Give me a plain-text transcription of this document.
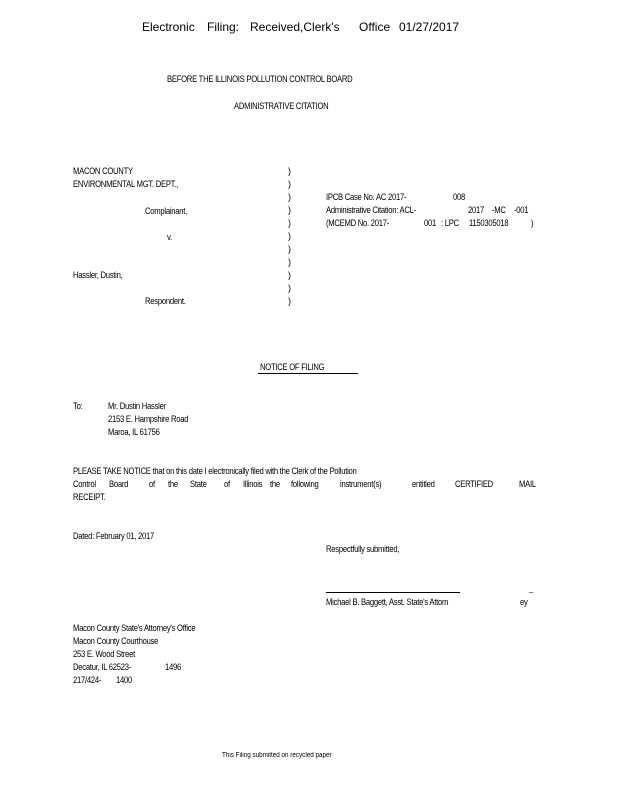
Electronic Filing: Received,Clerk's Office 01/27/2017
BEFORE THE ILLINOIS POLLUTION CONTROL BOARD
ADMINISTRATIVE CITATION
MACON COUNTY
ENVIRONMENTAL MGT. DEPT.,
Complainant,
v.
Hassler, Dustin,
Respondent.
)
)
)
)
)
)
)
)
)
)
)
IPCB Case No. AC 2017-	008
Administrative Citation: ACL-	2017 -MC -001
(MCEMD No. 2017-	001 : LPC 1150305018	)
NOTICE OF FILING
To:	Mr. Dustin Hassler
2153 E. Hampshire Road
Maroa, IL 61756
PLEASE TAKE NOTICE that on this date I electronically filed with the Clerk of the Pollution
Control Board of the State of Illinois the following instrument(s)	entitled CERTIFIED	MAIL
RECEIPT.
Dated: February 01, 2017
Respectfully submitted,
_
Michael B. Baggett, Asst. State's Attorn	ey
Macon County State's Attorney's Office
Macon County Courthouse
253 E. Wood Street
Decatur, IL 62523-	1496
217/424- 1400
This Filing submitted on recycled paper
